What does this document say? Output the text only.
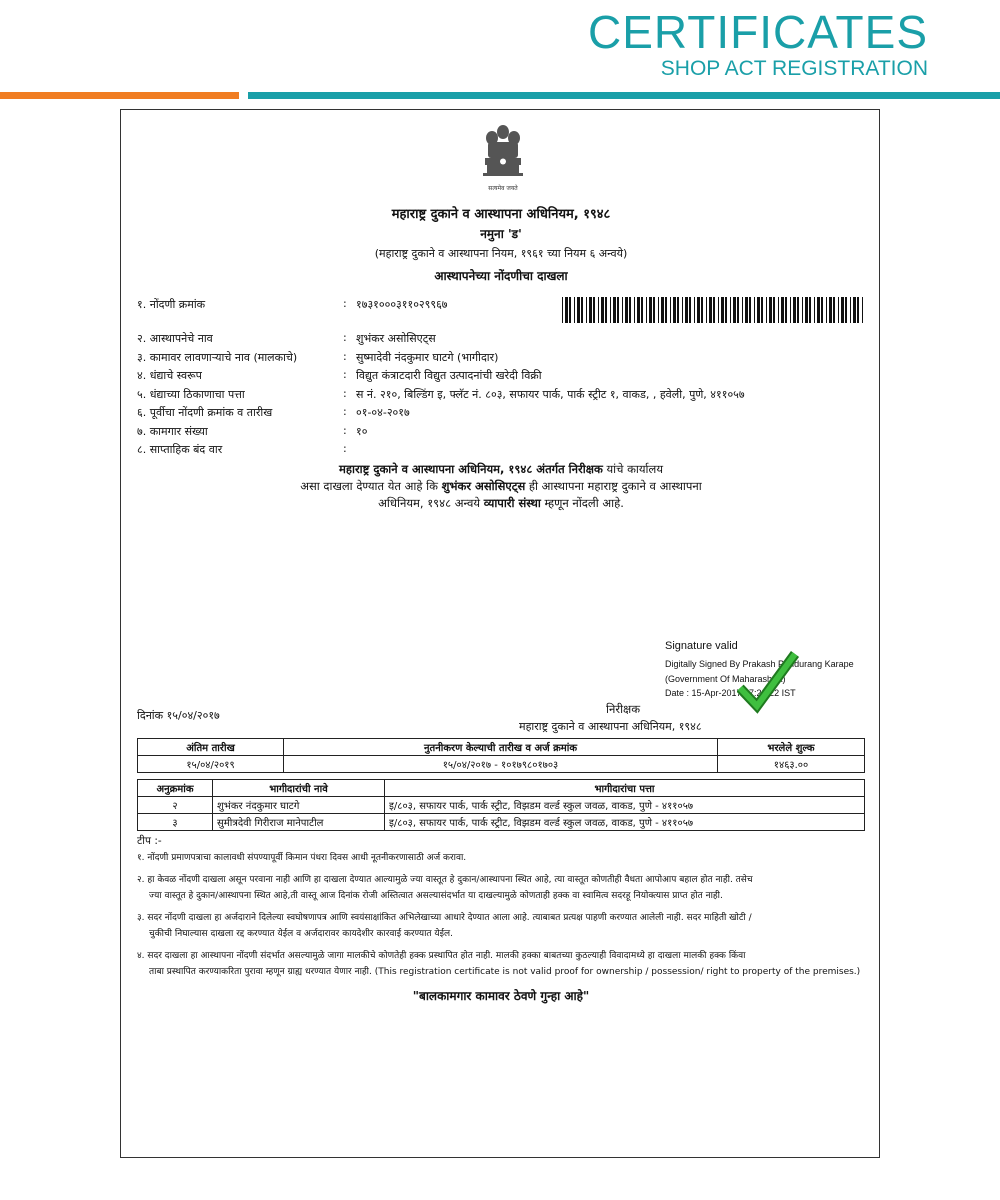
CERTIFICATES
SHOP ACT REGISTRATION
सत्यमेव जयते
महाराष्ट्र दुकाने व आस्थापना अधिनियम, १९४८
नमुना 'ड'
(महाराष्ट्र दुकाने व आस्थापना नियम, १९६१ च्या नियम ६ अन्वये)
आस्थापनेच्या नोंदणीचा दाखला
१. नोंदणी क्रमांक	: १७३१०००३११०२९९६७
२. आस्थापनेचे नाव	: शुभंकर असोसिएट्स
३. कामावर लावणाऱ्याचे नाव (मालकाचे)	: सुष्मादेवी नंदकुमार घाटगे (भागीदार)
४. धंद्याचे स्वरूप	: विद्युत कंत्राटदारी विद्युत उत्पादनांची खरेदी विक्री
५. धंद्याच्या ठिकाणाचा पत्ता	: स नं. २१०, बिल्डिंग इ, फ्लॅट नं. ८०३, सफायर पार्क, पार्क स्ट्रीट १, वाकड, , हवेली, पुणे, ४११०५७
६. पूर्वीचा नोंदणी क्रमांक व तारीख	: ०१-०४-२०१७
७. कामगार संख्या	: १०
८. साप्ताहिक बंद वार	:
महाराष्ट्र दुकाने व आस्थापना अधिनियम, १९४८ अंतर्गत निरीक्षक यांचे कार्यालय
असा दाखला देण्यात येत आहे कि शुभंकर असोसिएट्स ही आस्थापना महाराष्ट्र दुकाने व आस्थापना
अधिनियम, १९४८ अन्वये व्यापारी संस्था म्हणून नोंदली आहे.
Signature valid
Digitally Signed By Prakash Pandurang Karape
(Government Of Maharashtra)
Date : 15-Apr-2017 17:23:22 IST
दिनांक १५/०४/२०१७	निरीक्षक
महाराष्ट्र दुकाने व आस्थापना अधिनियम, १९४८
अंतिम तारीख	नुतनीकरण केल्याची तारीख व अर्ज क्रमांक	भरलेले शुल्क
१५/०४/२०१९	१५/०४/२०१७ - १०१७९८०१७०३	१४६३.००
अनुक्रमांक	भागीदारांची नावे	भागीदारांचा पत्ता
२	शुभंकर नंदकुमार घाटगे	इ/८०३, सफायर पार्क, पार्क स्ट्रीट, विझडम वर्ल्ड स्कुल जवळ, वाकड, पुणे - ४११०५७
३	सुमीत्रदेवी गिरीराज मानेपाटील	इ/८०३, सफायर पार्क, पार्क स्ट्रीट, विझडम वर्ल्ड स्कुल जवळ, वाकड, पुणे - ४११०५७
टीप :-
१. नोंदणी प्रमाणपत्राचा कालावधी संपण्यापूर्वी किमान पंधरा दिवस आधी नूतनीकरणासाठी अर्ज करावा.
२. हा केवळ नोंदणी दाखला असून परवाना नाही आणि हा दाखला देण्यात आल्यामुळे ज्या वास्तूत हे दुकान/आस्थापना स्थित आहे, त्या वास्तूत कोणतीही वैधता आपोआप बहाल होत नाही. तसेच
ज्या वास्तूत हे दुकान/आस्थापना स्थित आहे,ती वास्तू आज दिनांक रोजी अस्तित्वात असल्यासंदर्भात या दाखल्यामुळे कोणताही हक्क वा स्वामित्व सदरहू नियोक्त्यास प्राप्त होत नाही.
३. सदर नोंदणी दाखला हा अर्जदाराने दिलेल्या स्वघोषणापत्र आणि स्वयंसाक्षांकित अभिलेखाच्या आधारे देण्यात आला आहे. त्याबाबत प्रत्यक्ष पाहणी करण्यात आलेली नाही. सदर माहिती खोटी /
चुकीची निघाल्यास दाखला रद्द करण्यात येईल व अर्जदारावर कायदेशीर कारवाई करण्यात येईल.
४. सदर दाखला हा आस्थापना नोंदणी संदर्भात असल्यामुळे जागा मालकीचे कोणतेही हक्क प्रस्थापित होत नाही. मालकी हक्का बाबतच्या कुठल्याही विवादामध्ये हा दाखला मालकी हक्क किंवा
ताबा प्रस्थापित करण्याकरिता पुरावा म्हणून ग्राह्य धरण्यात येणार नाही. (This registration certificate is not valid proof for ownership / possession/ right to property of the premises.)
"बालकामगार कामावर ठेवणे गुन्हा आहे"
